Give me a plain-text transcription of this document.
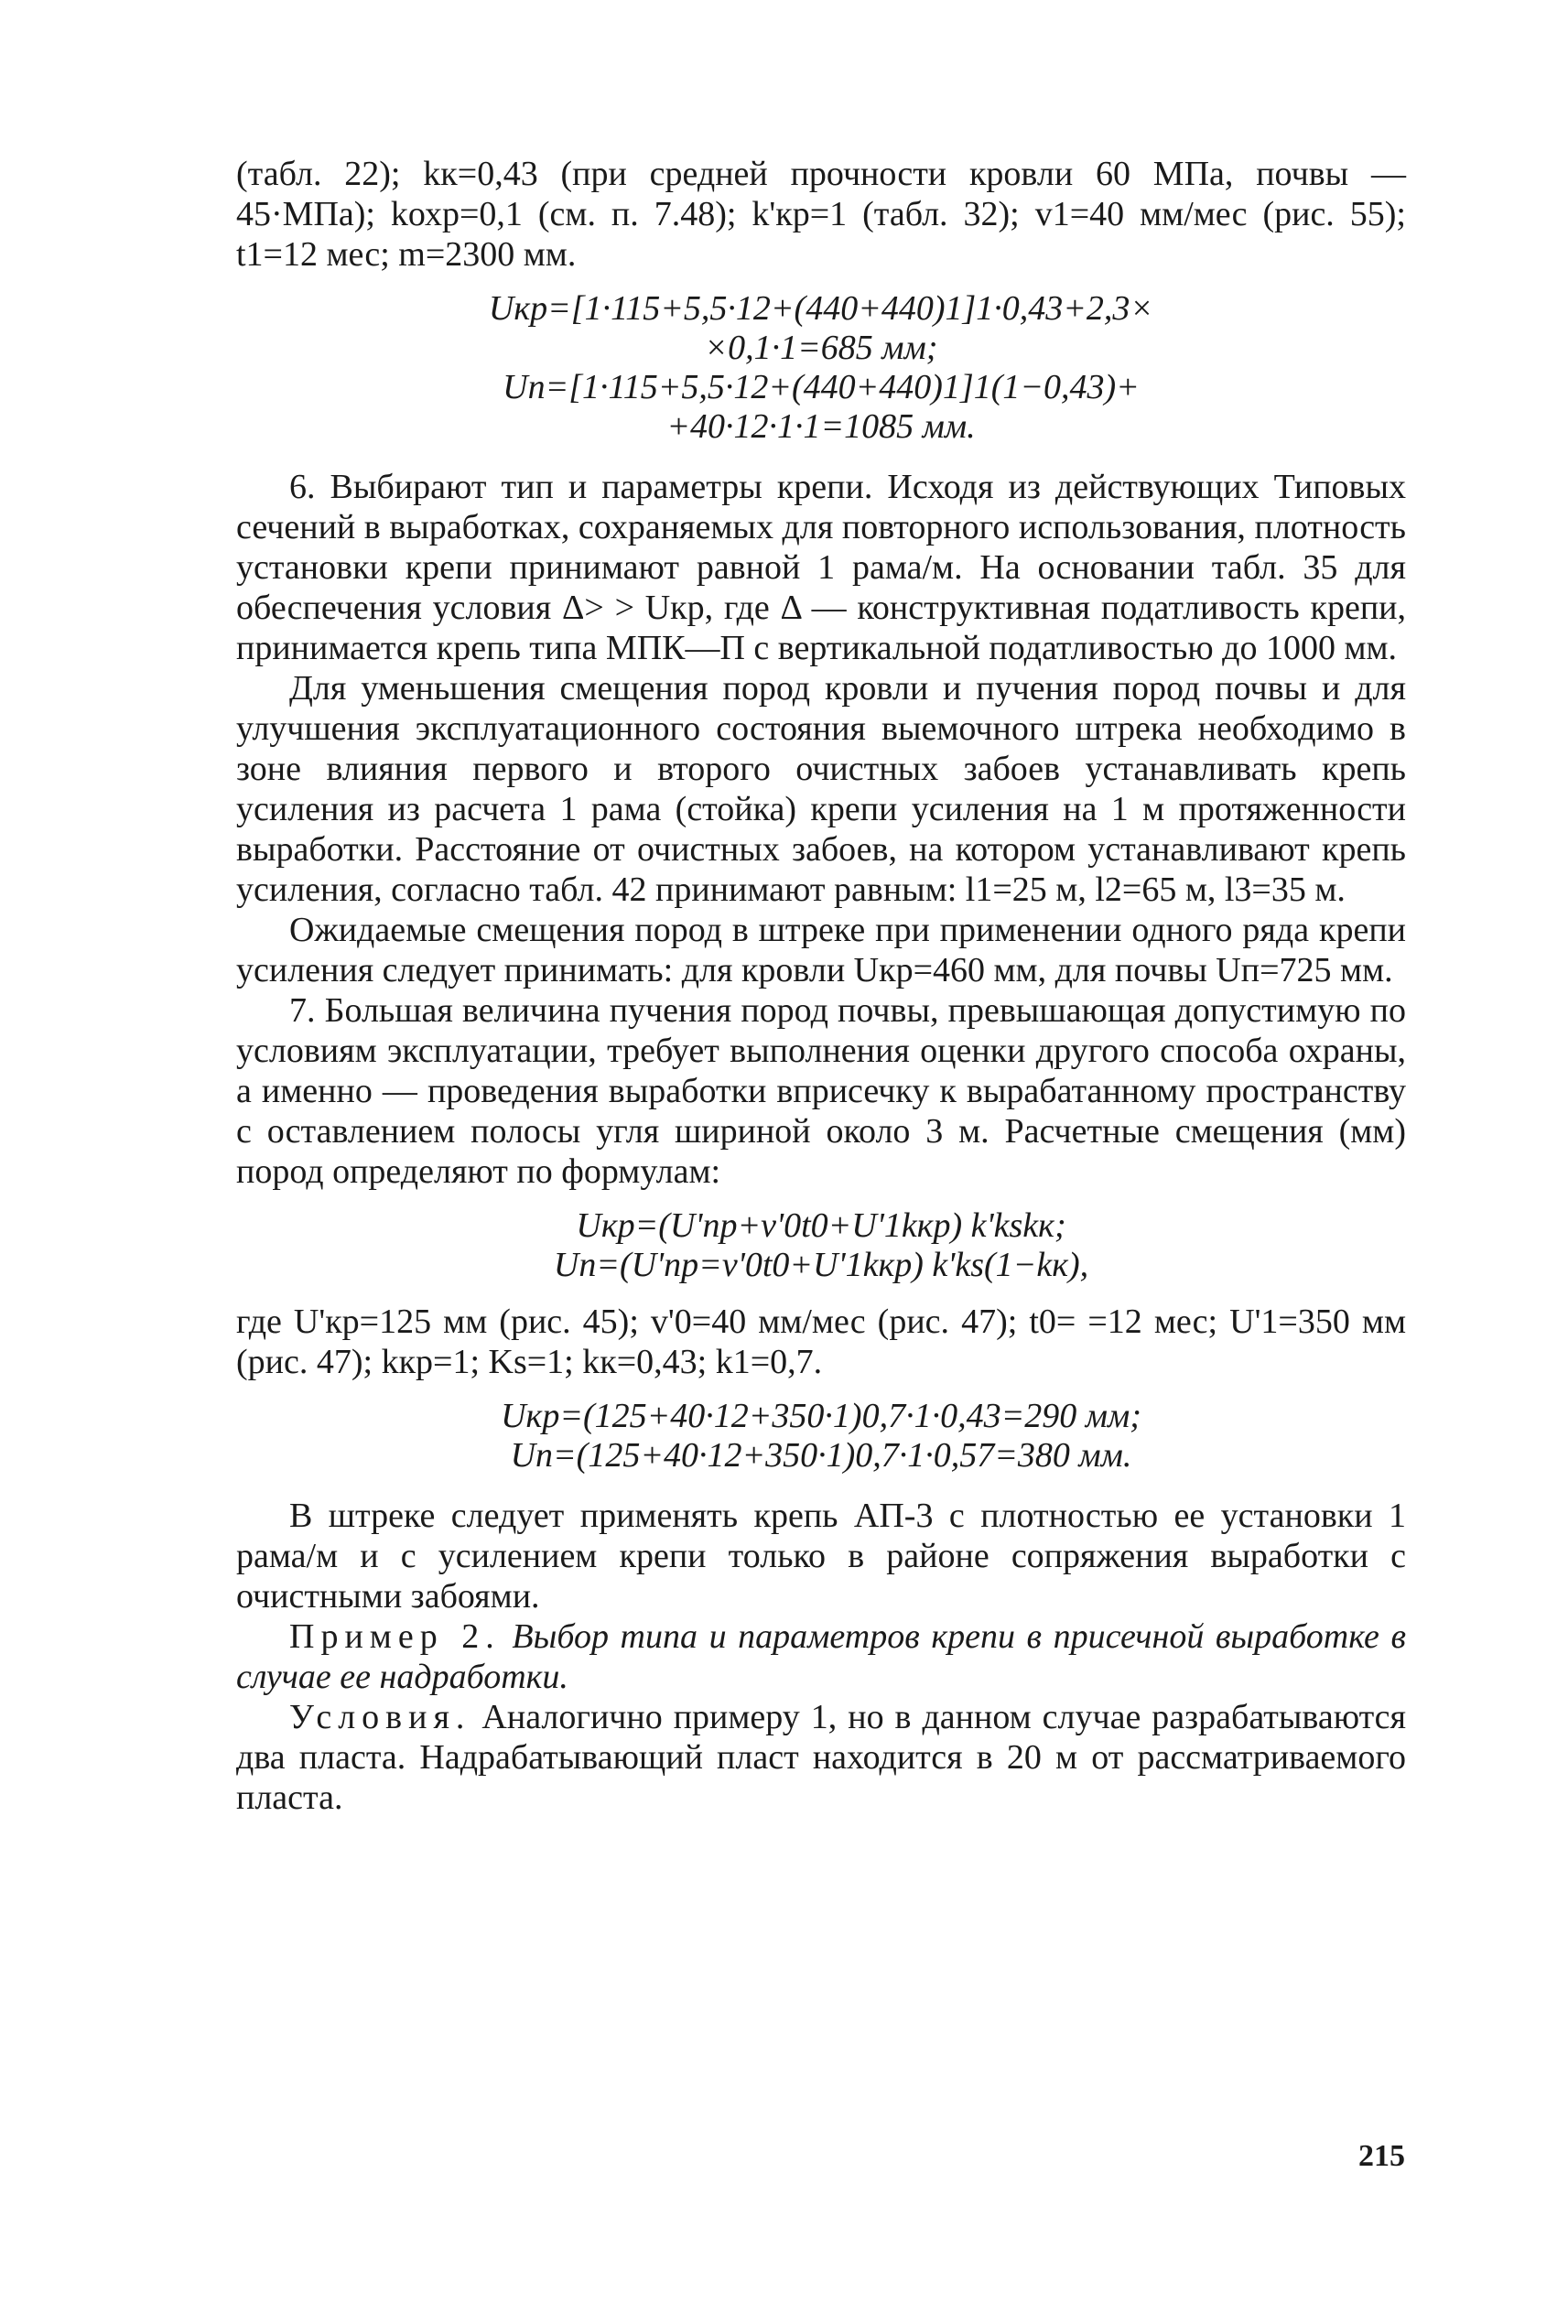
(табл. 22); kк=0,43 (при средней прочности кровли 60 МПа, почвы — 45·МПа); kохр=0,1 (см. п. 7.48); k'кр=1 (табл. 32); v1=40 мм/мес (рис. 55); t1=12 мес; m=2300 мм.

Uкр=[1·115+5,5·12+(440+440)1]1·0,43+2,3×
×0,1·1=685 мм;
Uп=[1·115+5,5·12+(440+440)1]1(1−0,43)+
+40·12·1·1=1085 мм.

6. Выбирают тип и параметры крепи. Исходя из действующих Типовых сечений в выработках, сохраняемых для повторного использования, плотность установки крепи принимают равной 1 рама/м. На основании табл. 35 для обеспечения условия Δ> > Uкр, где Δ — конструктивная податливость крепи, принимается крепь типа МПК—П с вертикальной податливостью до 1000 мм.

Для уменьшения смещения пород кровли и пучения пород почвы и для улучшения эксплуатационного состояния выемочного штрека необходимо в зоне влияния первого и второго очистных забоев устанавливать крепь усиления из расчета 1 рама (стойка) крепи усиления на 1 м протяженности выработки. Расстояние от очистных забоев, на котором устанавливают крепь усиления, согласно табл. 42 принимают равным: l1=25 м, l2=65 м, l3=35 м.

Ожидаемые смещения пород в штреке при применении одного ряда крепи усиления следует принимать: для кровли Uкр=460 мм, для почвы Uп=725 мм.

7. Большая величина пучения пород почвы, превышающая допустимую по условиям эксплуатации, требует выполнения оценки другого способа охраны, а именно — проведения выработки вприсечку к вырабатанному пространству с оставлением полосы угля шириной около 3 м. Расчетные смещения (мм) пород определяют по формулам:

Uкр=(U'пр+v'0t0+U'1kкр) k'kskк;
Uп=(U'пр=v'0t0+U'1kкр) k'ks(1−kк),

где U'кр=125 мм (рис. 45); v'0=40 мм/мес (рис. 47); t0= =12 мес; U'1=350 мм (рис. 47); kкр=1; Ks=1; kк=0,43; k1=0,7.

Uкр=(125+40·12+350·1)0,7·1·0,43=290 мм;
Uп=(125+40·12+350·1)0,7·1·0,57=380 мм.

В штреке следует применять крепь АП-3 с плотностью ее установки 1 рама/м и с усилением крепи только в районе сопряжения выработки с очистными забоями.

Пример 2. Выбор типа и параметров крепи в присечной выработке в случае ее надработки.

Условия. Аналогично примеру 1, но в данном случае разрабатываются два пласта. Надрабатывающий пласт находится в 20 м от рассматриваемого пласта.

215
